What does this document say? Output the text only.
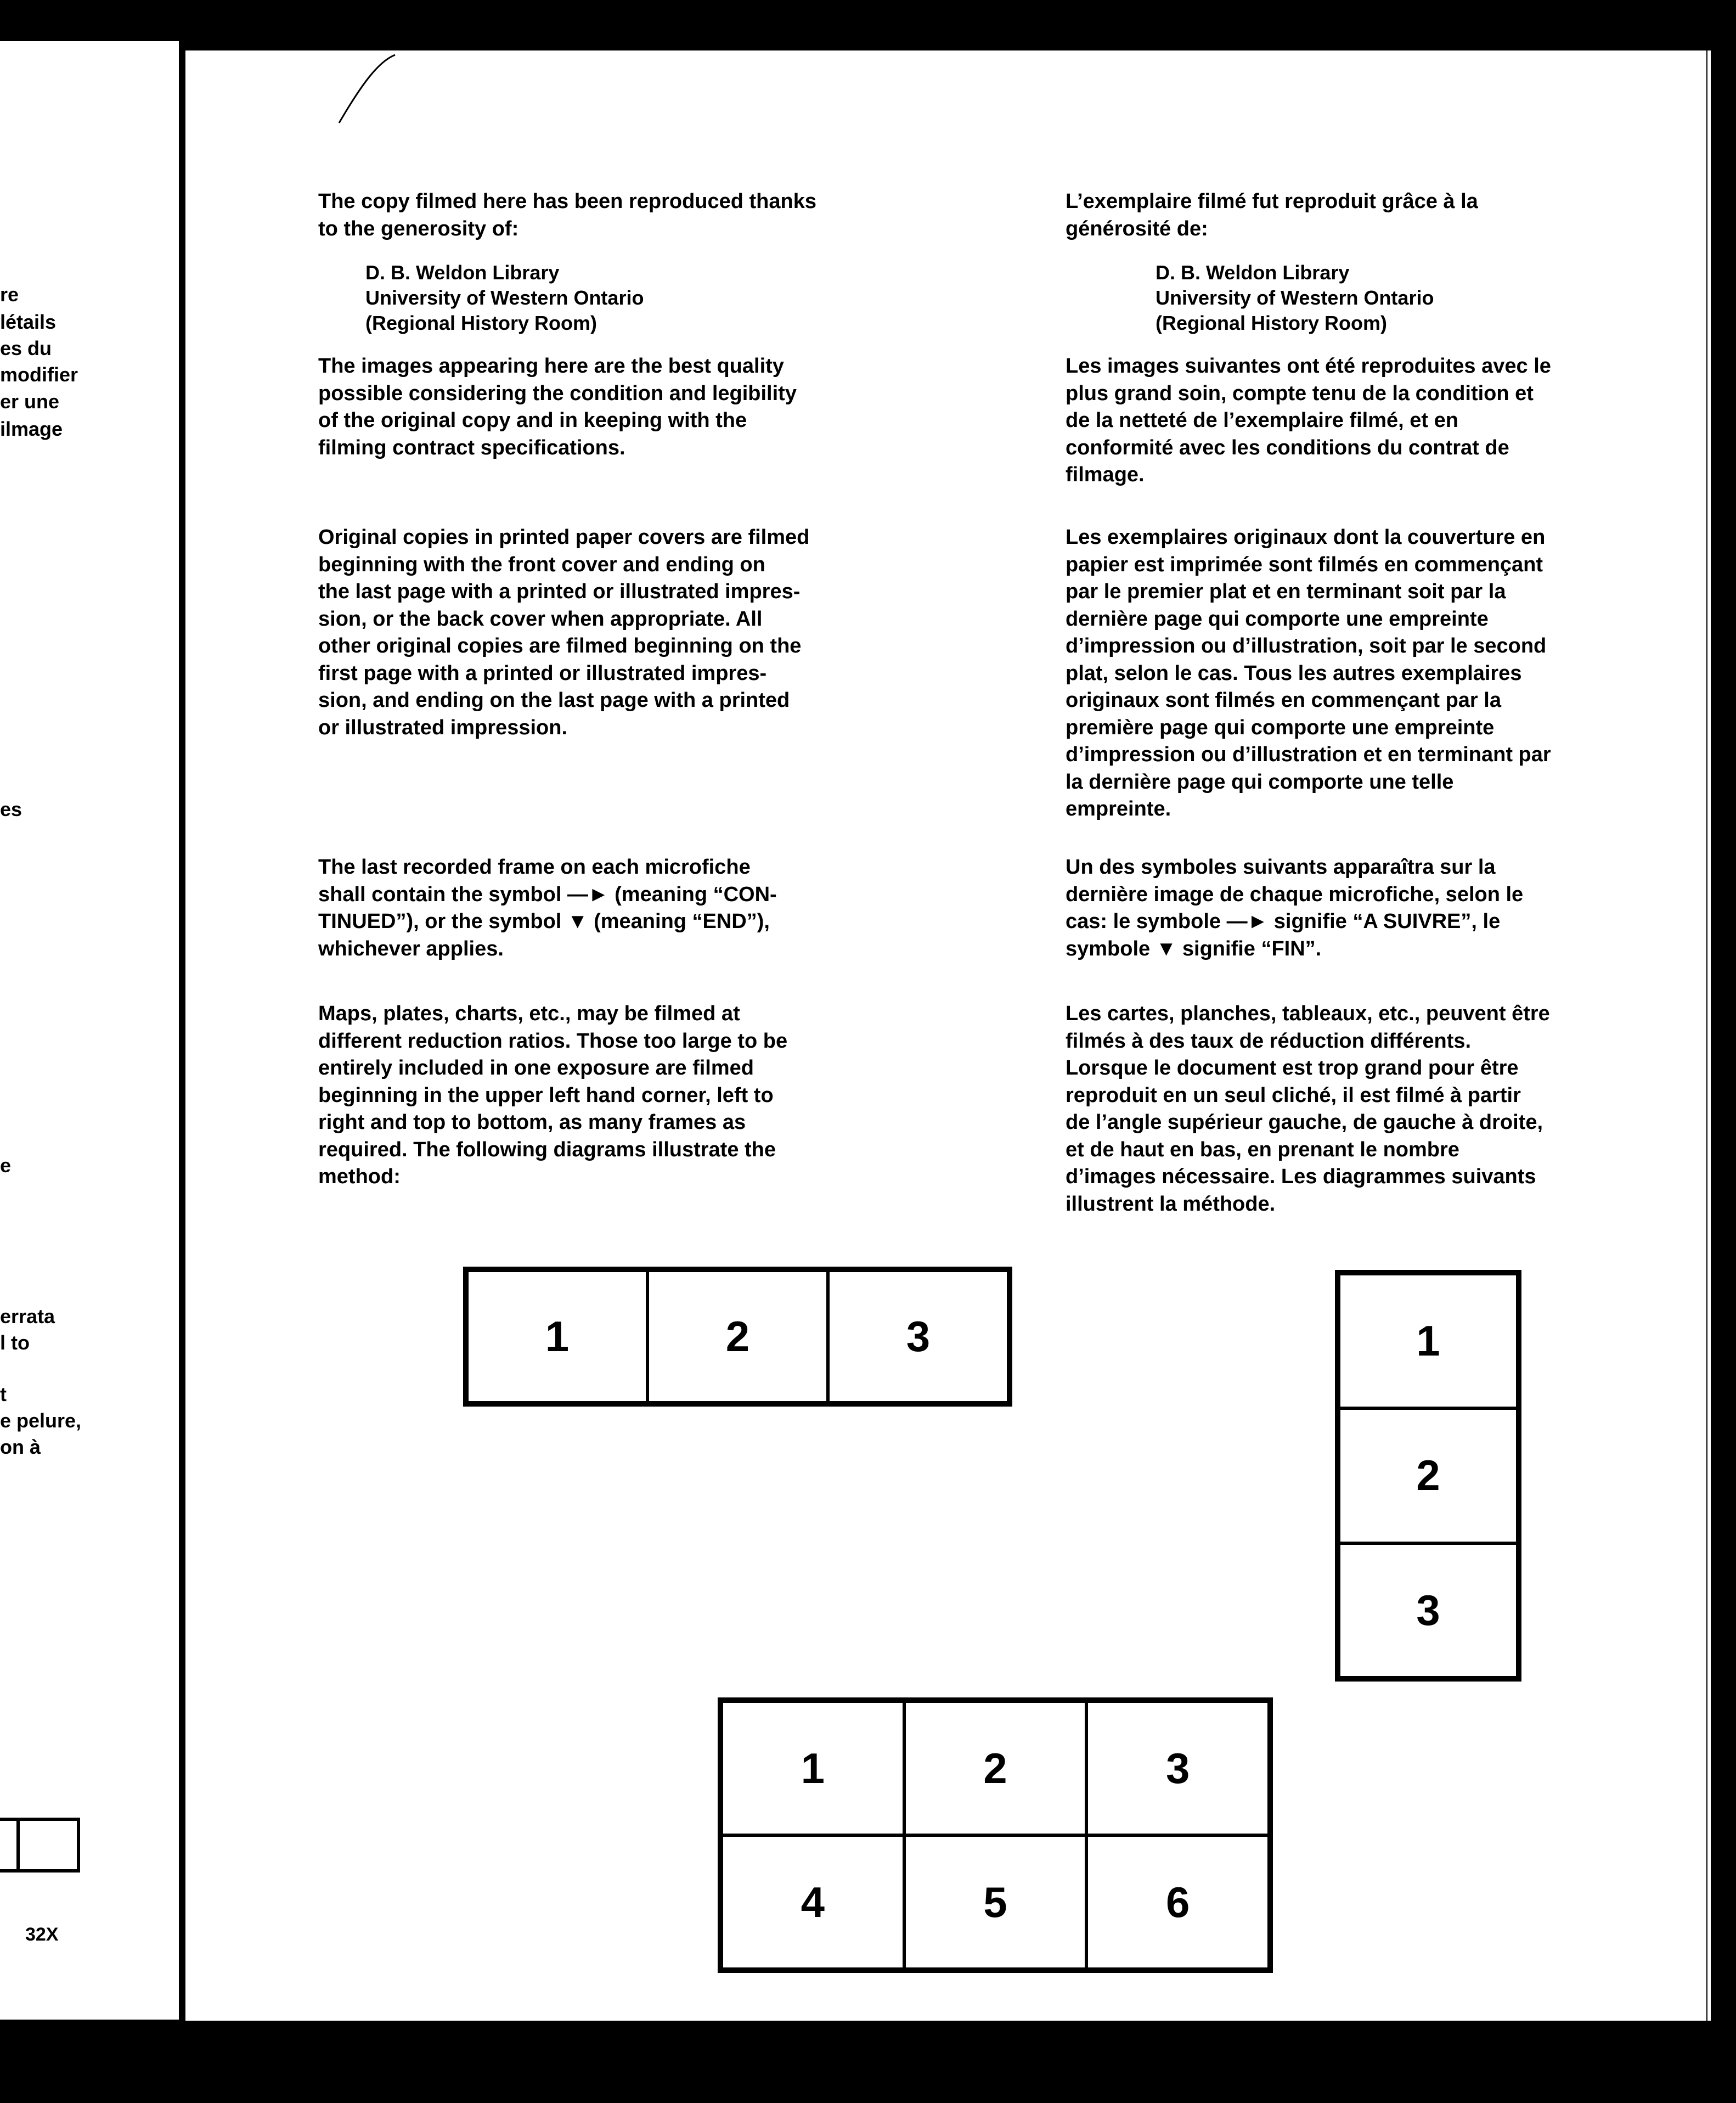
re
létails
es du
modifier
er une
ilmage
es
e
errata
l to
t
e pelure,
on à
32X
The copy filmed here has been reproduced thanks
to the generosity of:
D. B. Weldon Library
University of Western Ontario
(Regional History Room)
The images appearing here are the best quality
possible considering the condition and legibility
of the original copy and in keeping with the
filming contract specifications.
Original copies in printed paper covers are filmed
beginning with the front cover and ending on
the last page with a printed or illustrated impres-
sion, or the back cover when appropriate. All
other original copies are filmed beginning on the
first page with a printed or illustrated impres-
sion, and ending on the last page with a printed
or illustrated impression.
The last recorded frame on each microfiche
shall contain the symbol —► (meaning “CON-
TINUED”), or the symbol ▼ (meaning “END”),
whichever applies.
Maps, plates, charts, etc., may be filmed at
different reduction ratios. Those too large to be
entirely included in one exposure are filmed
beginning in the upper left hand corner, left to
right and top to bottom, as many frames as
required. The following diagrams illustrate the
method:
L’exemplaire filmé fut reproduit grâce à la
générosité de:
D. B. Weldon Library
University of Western Ontario
(Regional History Room)
Les images suivantes ont été reproduites avec le
plus grand soin, compte tenu de la condition et
de la netteté de l’exemplaire filmé, et en
conformité avec les conditions du contrat de
filmage.
Les exemplaires originaux dont la couverture en
papier est imprimée sont filmés en commençant
par le premier plat et en terminant soit par la
dernière page qui comporte une empreinte
d’impression ou d’illustration, soit par le second
plat, selon le cas. Tous les autres exemplaires
originaux sont filmés en commençant par la
première page qui comporte une empreinte
d’impression ou d’illustration et en terminant par
la dernière page qui comporte une telle
empreinte.
Un des symboles suivants apparaîtra sur la
dernière image de chaque microfiche, selon le
cas: le symbole —► signifie “A SUIVRE”, le
symbole ▼ signifie “FIN”.
Les cartes, planches, tableaux, etc., peuvent être
filmés à des taux de réduction différents.
Lorsque le document est trop grand pour être
reproduit en un seul cliché, il est filmé à partir
de l’angle supérieur gauche, de gauche à droite,
et de haut en bas, en prenant le nombre
d’images nécessaire. Les diagrammes suivants
illustrent la méthode.
1	2	3	1
2
3
1	2	3
4	5	6
